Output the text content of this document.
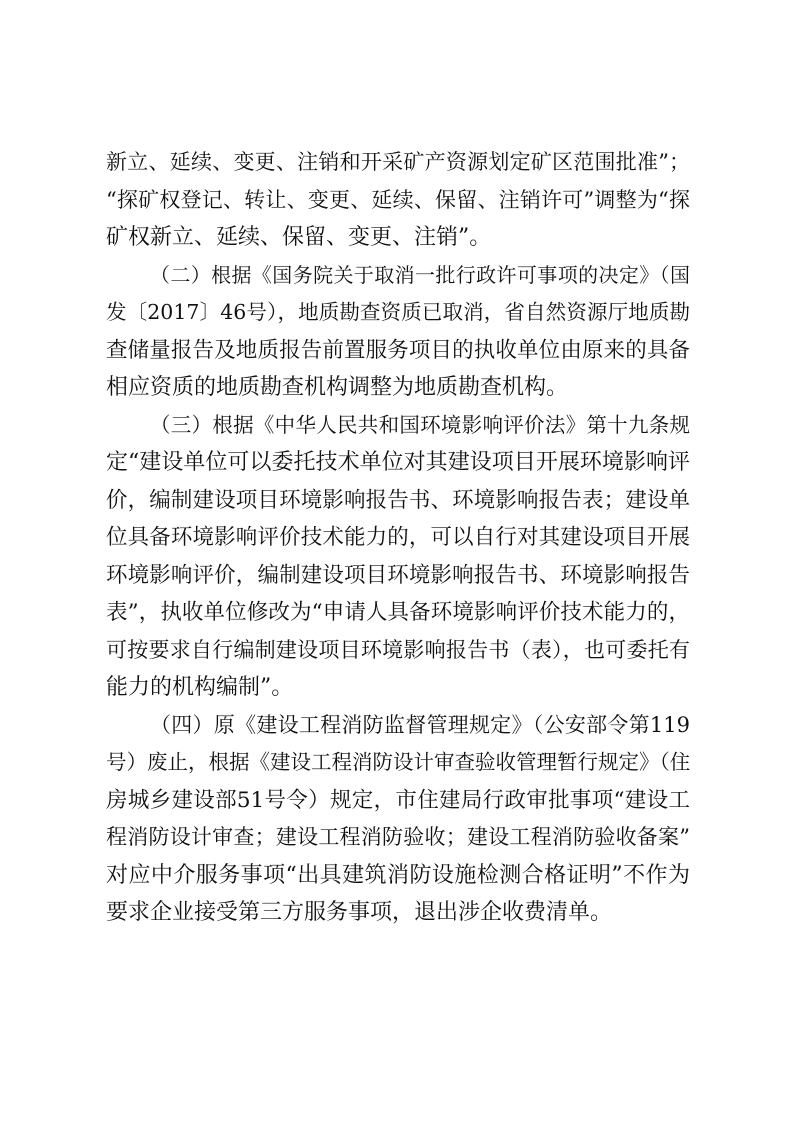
新立、延续、变更、注销和开采矿产资源划定矿区范围批准”；
“探矿权登记、转让、变更、延续、保留、注销许可”调整为“探
矿权新立、延续、保留、变更、注销”。

（二）根据《国务院关于取消一批行政许可事项的决定》（国
发〔2017〕46号），地质勘查资质已取消，省自然资源厅地质勘
查储量报告及地质报告前置服务项目的执收单位由原来的具备
相应资质的地质勘查机构调整为地质勘查机构。

（三）根据《中华人民共和国环境影响评价法》第十九条规
定“建设单位可以委托技术单位对其建设项目开展环境影响评
价，编制建设项目环境影响报告书、环境影响报告表；建设单
位具备环境影响评价技术能力的，可以自行对其建设项目开展
环境影响评价，编制建设项目环境影响报告书、环境影响报告
表”，执收单位修改为“申请人具备环境影响评价技术能力的，
可按要求自行编制建设项目环境影响报告书（表），也可委托有
能力的机构编制”。

（四）原《建设工程消防监督管理规定》（公安部令第119
号）废止，根据《建设工程消防设计审查验收管理暂行规定》（住
房城乡建设部51号令）规定，市住建局行政审批事项“建设工
程消防设计审查；建设工程消防验收；建设工程消防验收备案”
对应中介服务事项“出具建筑消防设施检测合格证明”不作为
要求企业接受第三方服务事项，退出涉企收费清单。
